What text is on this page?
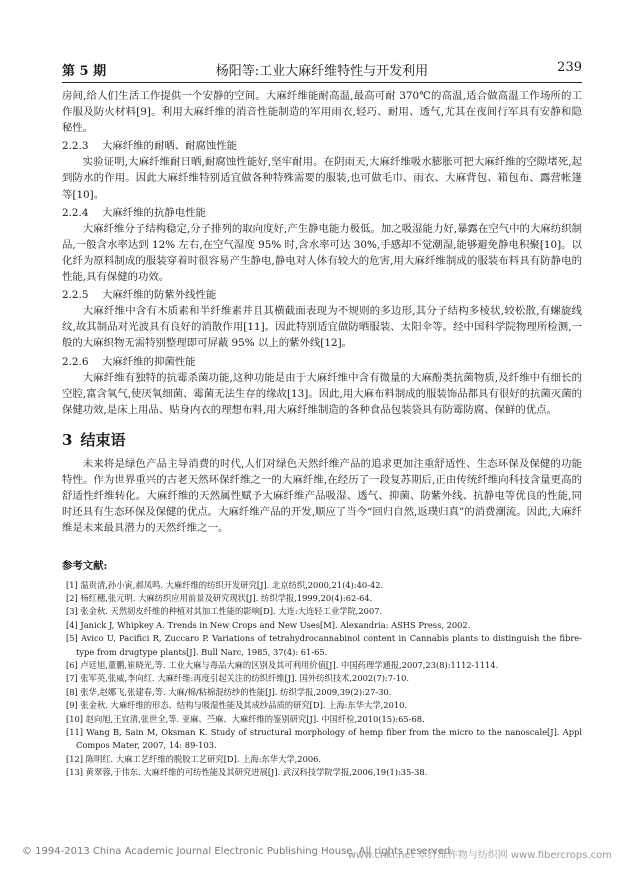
第 5 期	杨阳等:工业大麻纤维特性与开发利用	239

房间,给人们生活工作提供一个安静的空间。大麻纤维能耐高温,最高可耐 370℃的高温,适合做高温工作场所的工作服及防火材料[9]。利用大麻纤维的消音性能制造的军用雨衣,轻巧、耐用、透气,尤其在夜间行军具有安静和隐秘性。

2.2.3 大麻纤维的耐晒、耐腐蚀性能

实验证明,大麻纤维耐日晒,耐腐蚀性能好,坚牢耐用。在阴雨天,大麻纤维吸水膨胀可把大麻纤维的空隙堵死,起到防水的作用。因此大麻纤维特别适宜做各种特殊需要的服装,也可做毛巾、雨衣、大麻背包、箱包布、露营帐篷等[10]。

2.2.4 大麻纤维的抗静电性能

大麻纤维分子结构稳定,分子排列的取向度好,产生静电能力极低。加之吸湿能力好,暴露在空气中的大麻纺织制品,一般含水率达到 12% 左右,在空气湿度 95% 时,含水率可达 30%,手感却不觉潮湿,能够避免静电积聚[10]。以化纤为原料制成的服装穿着时很容易产生静电,静电对人体有较大的危害,用大麻纤维制成的服装布料具有防静电的性能,具有保健的功效。

2.2.5 大麻纤维的防紫外线性能

大麻纤维中含有木质素和半纤维素并且其横截面表现为不规则的多边形,其分子结构多棱状,较松散,有螺旋线纹,故其制品对光波具有良好的消散作用[11]。因此特别适宜做防晒服装、太阳伞等。经中国科学院物理所检测,一般的大麻织物无需特别整理即可屏蔽 95% 以上的紫外线[12]。

2.2.6 大麻纤维的抑菌性能

大麻纤维有独特的抗霉杀菌功能,这种功能是由于大麻纤维中含有微量的大麻酚类抗菌物质,及纤维中有细长的空腔,富含氧气,使厌氧细菌、霉菌无法生存的缘故[13]。因此,用大麻布料制成的服装饰品都具有很好的抗菌灭菌的保健功效,是床上用品、贴身内衣的理想布料,用大麻纤维制造的各种食品包装袋具有防霉防腐、保鲜的优点。

3 结束语

未来将是绿色产品主导消费的时代,人们对绿色天然纤维产品的追求更加注重舒适性、生态环保及保健的功能特性。作为世界重兴的古老天然环保纤维之一的大麻纤维,在经历了一段复苏期后,正由传统纤维向科技含量更高的舒适性纤维转化。大麻纤维的天然属性赋予大麻纤维产品吸湿、透气、抑菌、防紫外线、抗静电等优良的性能,同时还具有生态环保及保健的优点。大麻纤维产品的开发,顺应了当今“回归自然,返璞归真”的消费潮流。因此,大麻纤维是未来最具潜力的天然纤维之一。

参考文献:

[1] 温贵清,孙小寅,郝凤鸣. 大麻纤维的纺织开发研究[J]. 北京纺织,2000,21(4):40-42.

[2] 杨红穗,张元明. 大麻纺织应用前景及研究现状[J]. 纺织学报,1999,20(4):62-64.

[3] 张金秋. 天然韧皮纤维的种植对其加工性能的影响[D]. 大连:大连轻工业学院,2007.

[4] Janick J, Whipkey A. Trends in New Crops and New Uses[M]. Alexandria: ASHS Press, 2002.

[5] Avico U, Pacifici R, Zuccaro P. Variations of tetrahydrocannabinol content in Cannabis plants to distinguish the fibre-type from drugtype plants[J]. Bull Narc, 1985, 37(4): 61-65.

[6] 卢廷旭,董鹏,崔晓光,等. 工业大麻与毒品大麻的区别及其可利用价值[J]. 中国药理学通报,2007,23(8):1112-1114.

[7] 张军英,张威,李向红. 大麻纤维:再度引起关注的纺织纤维[J]. 国外纺织技术,2002(7):7-10.

[8] 张华,赵娜飞,张建春,等. 大麻/棉/粘棉混纺纱的性能[J]. 纺织学报,2009,39(2):27-30.

[9] 张金秋. 大麻纤维的形态、结构与吸湿性能及其成纱品质的研究[D]. 上海:东华大学,2010.

[10] 赵向旭,王宜清,张世全,等. 亚麻、苎麻、大麻纤维的鉴别研究[J]. 中国纤检,2010(15):65-68.

[11] Wang B, Sain M, Oksman K. Study of structural morphology of hemp fiber from the micro to the nanoscale[J]. Appl Compos Mater, 2007, 14: 89-103.

[12] 陈明红. 大麻工艺纤维的脱胶工艺研究[D]. 上海:东华大学,2006.

[13] 黄翠蓉,于伟东. 大麻纤维的可纺性能及其研究进展[J]. 武汉科技学院学报,2006,19(1):35-38.

© 1994-2013 China Academic Journal Electronic Publishing House. All rights reserved.
www.cnki.net 草纤维作物与纺织网 www.fibercrops.com
